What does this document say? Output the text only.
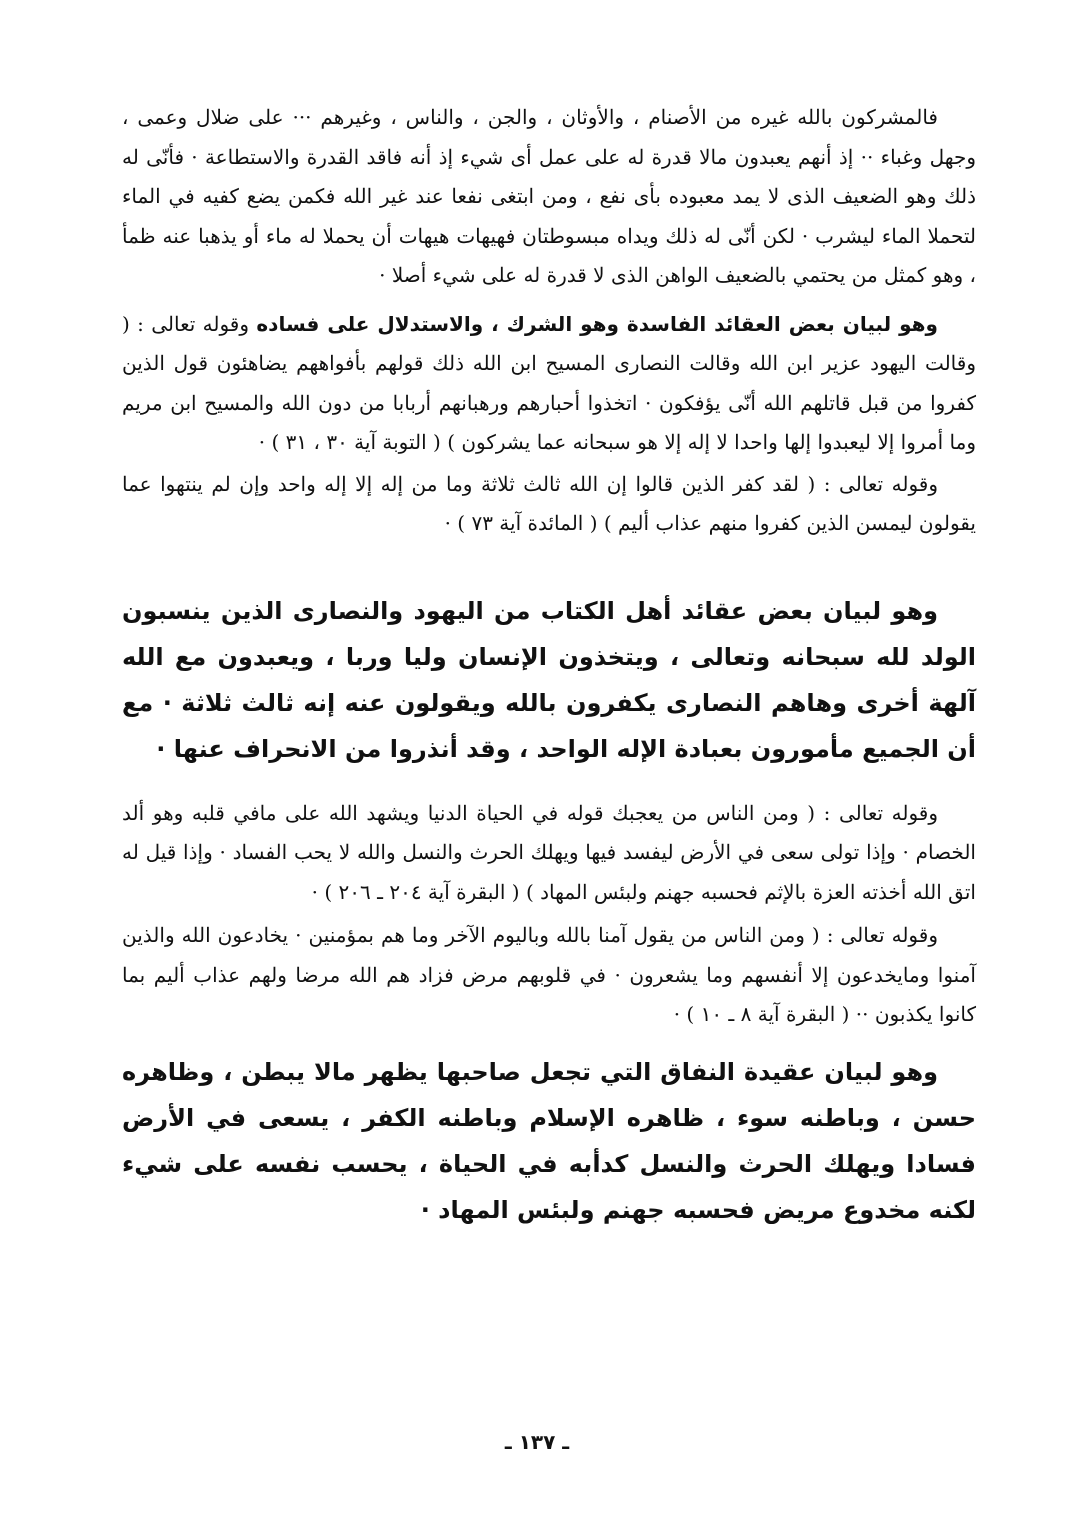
فالمشركون بالله غيره من الأصنام ، والأوثان ، والجن ، والناس ، وغيرهم ··· على ضلال وعمى ، وجهل وغباء ·· إذ أنهم يعبدون مالا قدرة له على عمل أى شيء إذ أنه فاقد القدرة والاستطاعة · فأنّى له ذلك وهو الضعيف الذى لا يمد معبوده بأى نفع ، ومن ابتغى نفعا عند غير الله فكمن يضع كفيه في الماء لتحملا الماء ليشرب · لكن أنّى له ذلك ويداه مبسوطتان فهيهات هيهات أن يحملا له ماء أو يذهبا عنه ظمأ ، وهو كمثل من يحتمي بالضعيف الواهن الذى لا قدرة له على شيء أصلا ·

وهو لبيان بعض العقائد الفاسدة وهو الشرك ، والاستدلال على فساده وقوله تعالى : ( وقالت اليهود عزير ابن الله وقالت النصارى المسيح ابن الله ذلك قولهم بأفواههم يضاهئون قول الذين كفروا من قبل قاتلهم الله أنّى يؤفكون · اتخذوا أحبارهم ورهبانهم أربابا من دون الله والمسيح ابن مريم وما أمروا إلا ليعبدوا إلها واحدا لا إله إلا هو سبحانه عما يشركون ) ( التوبة آية ٣٠ ، ٣١ ) ·

وقوله تعالى : ( لقد كفر الذين قالوا إن الله ثالث ثلاثة وما من إله إلا إله واحد وإن لم ينتهوا عما يقولون ليمسن الذين كفروا منهم عذاب أليم ) ( المائدة آية ٧٣ ) ·

وهو لبيان بعض عقائد أهل الكتاب من اليهود والنصارى الذين ينسبون الولد لله سبحانه وتعالى ، ويتخذون الإنسان وليا وربا ، ويعبدون مع الله آلهة أخرى وهاهم النصارى يكفرون بالله ويقولون عنه إنه ثالث ثلاثة · مع أن الجميع مأمورون بعبادة الإله الواحد ، وقد أنذروا من الانحراف عنها ·

وقوله تعالى : ( ومن الناس من يعجبك قوله في الحياة الدنيا ويشهد الله على مافي قلبه وهو ألد الخصام · وإذا تولى سعى في الأرض ليفسد فيها ويهلك الحرث والنسل والله لا يحب الفساد · وإذا قيل له اتق الله أخذته العزة بالإثم فحسبه جهنم ولبئس المهاد ) ( البقرة آية ٢٠٤ ـ ٢٠٦ ) ·

وقوله تعالى : ( ومن الناس من يقول آمنا بالله وباليوم الآخر وما هم بمؤمنين · يخادعون الله والذين آمنوا ومايخدعون إلا أنفسهم وما يشعرون · في قلوبهم مرض فزاد هم الله مرضا ولهم عذاب أليم بما كانوا يكذبون ·· ( البقرة آية ٨ ـ ١٠ ) ·

وهو لبيان عقيدة النفاق التي تجعل صاحبها يظهر مالا يبطن ، وظاهره حسن ، وباطنه سوء ، ظاهره الإسلام وباطنه الكفر ، يسعى في الأرض فسادا ويهلك الحرث والنسل كدأبه في الحياة ، يحسب نفسه على شيء لكنه مخدوع مريض فحسبه جهنم ولبئس المهاد ·

ـ ١٣٧ ـ
